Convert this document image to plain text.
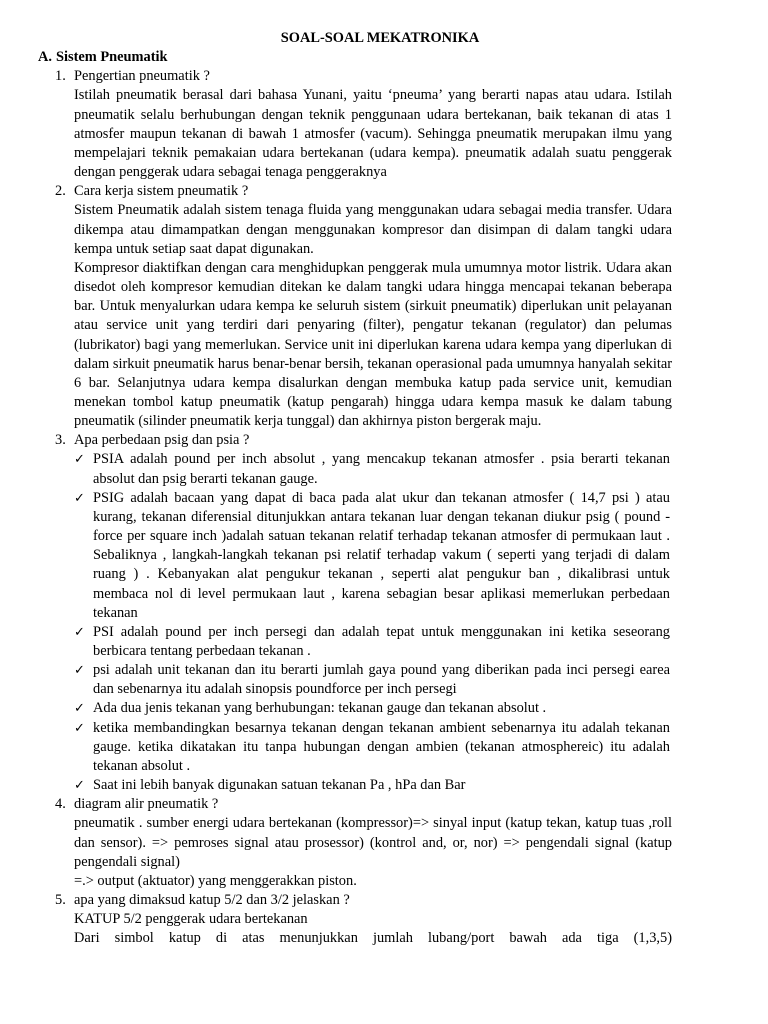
SOAL-SOAL MEKATRONIKA
A. Sistem Pneumatik
1. Pengertian pneumatik ?
Istilah pneumatik berasal dari bahasa Yunani, yaitu ‘pneuma’ yang berarti napas atau udara. Istilah pneumatik selalu berhubungan dengan teknik penggunaan udara bertekanan, baik tekanan di atas 1 atmosfer maupun tekanan di bawah 1 atmosfer (vacum). Sehingga pneumatik merupakan ilmu yang mempelajari teknik pemakaian udara bertekanan (udara kempa). pneumatik adalah suatu penggerak dengan penggerak udara sebagai tenaga penggeraknya
2. Cara kerja sistem pneumatik ?
Sistem Pneumatik adalah sistem tenaga fluida yang menggunakan udara sebagai media transfer. Udara dikempa atau dimampatkan dengan menggunakan kompresor dan disimpan di dalam tangki udara kempa untuk setiap saat dapat digunakan.
Kompresor diaktifkan dengan cara menghidupkan penggerak mula umumnya motor listrik. Udara akan disedot oleh kompresor kemudian ditekan ke dalam tangki udara hingga mencapai tekanan beberapa bar. Untuk menyalurkan udara kempa ke seluruh sistem (sirkuit pneumatik) diperlukan unit pelayanan atau service unit yang terdiri dari penyaring (filter), pengatur tekanan (regulator) dan pelumas (lubrikator) bagi yang memerlukan. Service unit ini diperlukan karena udara kempa yang diperlukan di dalam sirkuit pneumatik harus benar-benar bersih, tekanan operasional pada umumnya hanyalah sekitar 6 bar. Selanjutnya udara kempa disalurkan dengan membuka katup pada service unit, kemudian menekan tombol katup pneumatik (katup pengarah) hingga udara kempa masuk ke dalam tabung pneumatik (silinder pneumatik kerja tunggal) dan akhirnya piston bergerak maju.
3. Apa perbedaan psig dan psia ?
✓ PSIA adalah pound per inch absolut , yang mencakup tekanan atmosfer . psia berarti tekanan absolut dan psig berarti tekanan gauge.
✓ PSIG adalah bacaan yang dapat di baca pada alat ukur dan tekanan atmosfer ( 14,7 psi ) atau kurang, tekanan diferensial ditunjukkan antara tekanan luar dengan tekanan diukur psig ( pound -force per square inch )adalah satuan tekanan relatif terhadap tekanan atmosfer di permukaan laut . Sebaliknya , langkah-langkah tekanan psi relatif terhadap vakum ( seperti yang terjadi di dalam ruang ) . Kebanyakan alat pengukur tekanan , seperti alat pengukur ban , dikalibrasi untuk membaca nol di level permukaan laut , karena sebagian besar aplikasi memerlukan perbedaan tekanan
✓ PSI adalah pound per inch persegi dan adalah tepat untuk menggunakan ini ketika seseorang berbicara tentang perbedaan tekanan .
✓ psi adalah unit tekanan dan itu berarti jumlah gaya pound yang diberikan pada inci persegi earea dan sebenarnya itu adalah sinopsis poundforce per inch persegi
✓ Ada dua jenis tekanan yang berhubungan: tekanan gauge dan tekanan absolut .
✓ ketika membandingkan besarnya tekanan dengan tekanan ambient sebenarnya itu adalah tekanan gauge. ketika dikatakan itu tanpa hubungan dengan ambien (tekanan atmosphereic) itu adalah tekanan absolut .
✓ Saat ini lebih banyak digunakan satuan tekanan Pa , hPa dan Bar
4. diagram alir pneumatik ?
pneumatik . sumber energi udara bertekanan (kompressor)=> sinyal input (katup tekan, katup tuas ,roll dan sensor). => pemroses signal atau prosessor) (kontrol and, or, nor) => pengendali signal (katup pengendali signal)
=.> output (aktuator) yang menggerakkan piston.
5. apa yang dimaksud katup 5/2 dan 3/2 jelaskan ?
KATUP 5/2 penggerak udara bertekanan
Dari simbol katup di atas menunjukkan jumlah lubang/port bawah ada tiga (1,3,5)
